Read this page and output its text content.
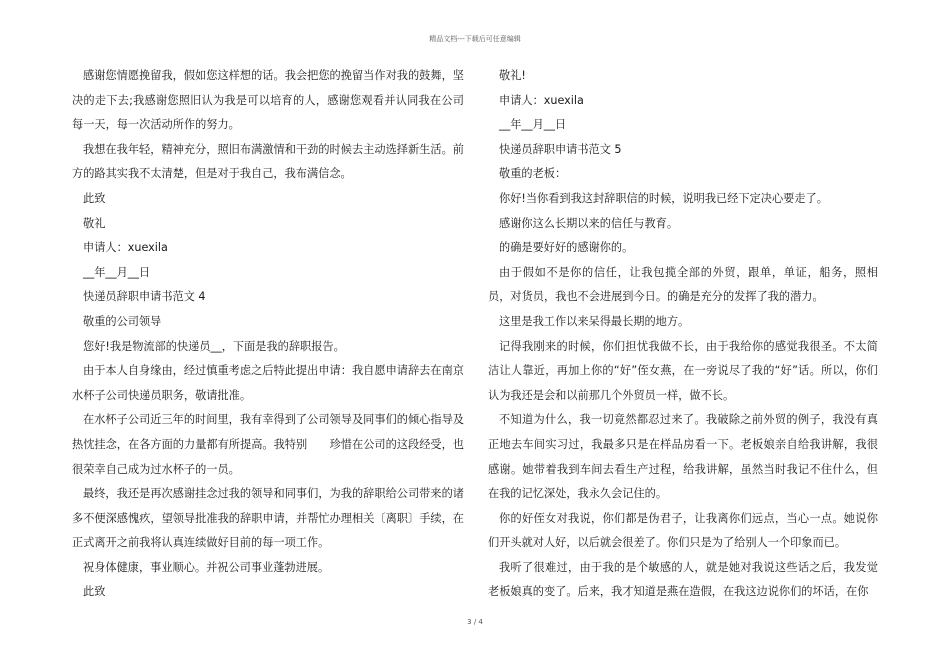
精品文档---下载后可任意编辑

感谢您情愿挽留我，假如您这样想的话。我会把您的挽留当作对我的鼓舞，坚决的走下去;我感谢您照旧认为我是可以培育的人，感谢您观看并认同我在公司每一天，每一次活动所作的努力。

我想在我年轻，精神充分，照旧布满激情和干劲的时候去主动选择新生活。前方的路其实我不太清楚，但是对于我自己，我布满信念。

此致

敬礼

申请人：xuexila

__年__月__日

快递员辞职申请书范文 4

敬重的公司领导

您好!我是物流部的快递员__，下面是我的辞职报告。

由于本人自身缘由，经过慎重考虑之后特此提出申请：我自愿申请辞去在南京水杯子公司快递员职务，敬请批准。

在水杯子公司近三年的时间里，我有幸得到了公司领导及同事们的倾心指导及热忱挂念，在各方面的力量都有所提高。我特别　　珍惜在公司的这段经受，也很荣幸自己成为过水杯子的一员。

最终，我还是再次感谢挂念过我的领导和同事们，为我的辞职给公司带来的诸多不便深感愧疚，望领导批准我的辞职申请，并帮忙办理相关〔离职〕手续，在正式离开之前我将认真连续做好目前的每一项工作。

祝身体健康，事业顺心。并祝公司事业蓬勃进展。

此致

敬礼!

申请人：xuexila

__年__月__日

快递员辞职申请书范文 5

敬重的老板：

你好!当你看到我这封辞职信的时候，说明我已经下定决心要走了。

感谢你这么长期以来的信任与教育。

的确是要好好的感谢你的。

由于假如不是你的信任，让我包揽全部的外贸，跟单，单证，船务，照相员，对货员，我也不会进展到今日。的确是充分的发挥了我的潜力。

这里是我工作以来呆得最长期的地方。

记得我刚来的时候，你们担忧我做不长，由于我给你的感觉我很圣。不太简洁让人靠近，再加上你的“好”侄女燕，在一旁说尽了我的“好”话。所以，你们认为我还是会和以前那几个外贸员一样，做不长。

不知道为什么，我一切竟然都忍过来了。我破除之前外贸的例子，我没有真正地去车间实习过，我最多只是在样品房看一下。老板娘亲自给我讲解，我很感谢。她带着我到车间去看生产过程，给我讲解，虽然当时我记不住什么，但在我的记忆深处，我永久会记住的。

你的好侄女对我说，你们都是伪君子，让我离你们远点，当心一点。她说你们开头就对人好，以后就会很差了。你们只是为了给别人一个印象而已。

我听了很难过，由于我的是个敏感的人，就是她对我说这些话之后，我发觉老板娘真的变了。后来，我才知道是燕在造假，在我这边说你们的坏话，在你

3 / 4
